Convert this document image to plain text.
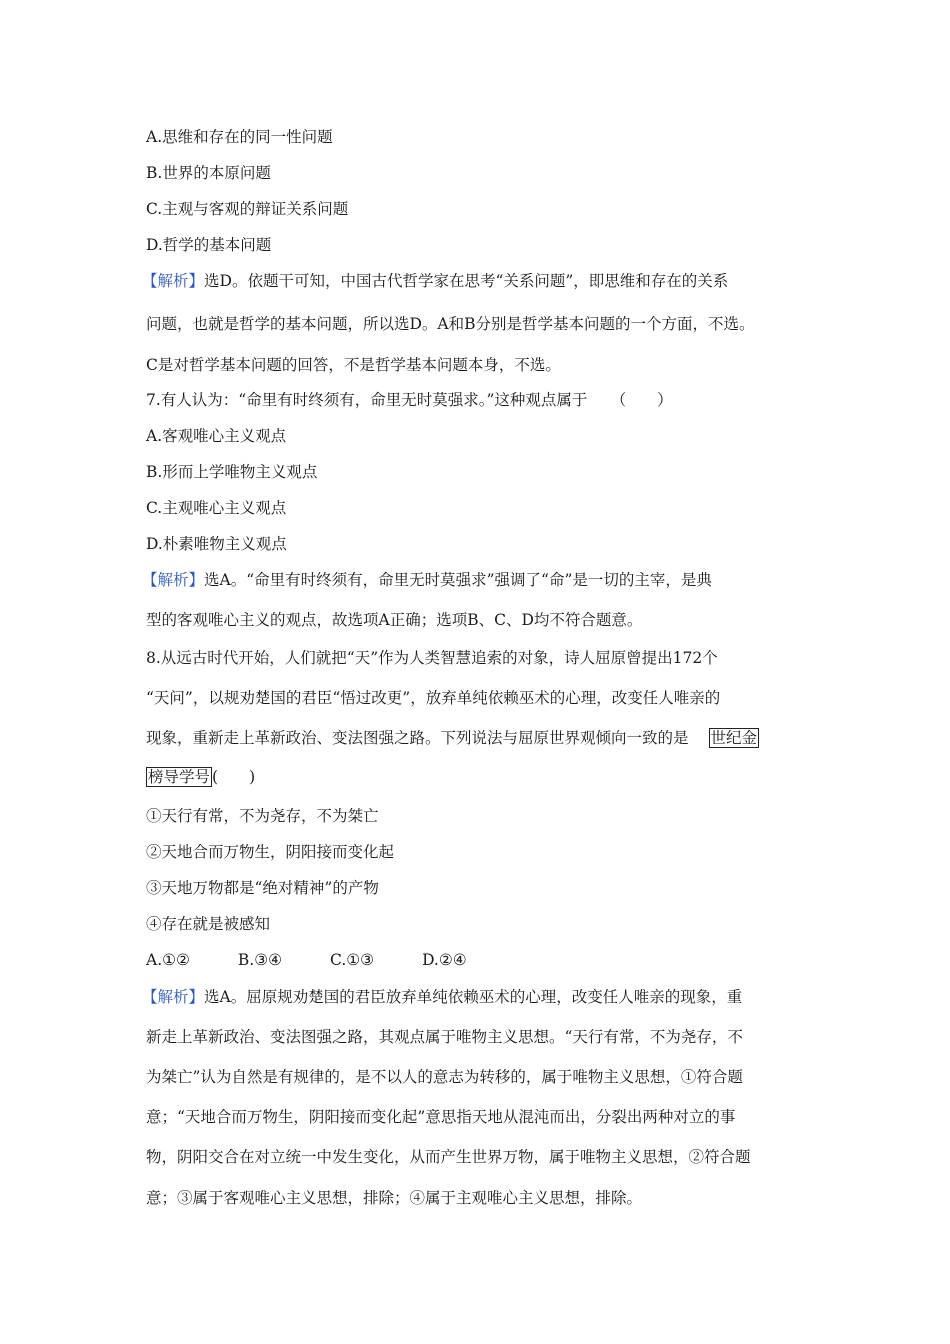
A.思维和存在的同一性问题
B.世界的本原问题
C.主观与客观的辩证关系问题
D.哲学的基本问题
【解析】选D。依题干可知，中国古代哲学家在思考“关系问题”，即思维和存在的关系
问题，也就是哲学的基本问题，所以选D。A和B分别是哲学基本问题的一个方面，不选。
C是对哲学基本问题的回答，不是哲学基本问题本身，不选。
7.有人认为：“命里有时终须有，命里无时莫强求。”这种观点属于　　（　　）
A.客观唯心主义观点
B.形而上学唯物主义观点
C.主观唯心主义观点
D.朴素唯物主义观点
【解析】选A。“命里有时终须有，命里无时莫强求”强调了“命”是一切的主宰，是典
型的客观唯心主义的观点，故选项A正确；选项B、C、D均不符合题意。
8.从远古时代开始，人们就把“天”作为人类智慧追索的对象，诗人屈原曾提出172个
“天问”，以规劝楚国的君臣“悟过改更”，放弃单纯依赖巫术的心理，改变任人唯亲的
现象，重新走上革新政治、变法图强之路。下列说法与屈原世界观倾向一致的是 世纪金
榜导学号 (　　)
①天行有常，不为尧存，不为桀亡
②天地合而万物生，阴阳接而变化起
③天地万物都是“绝对精神”的产物
④存在就是被感知
A.①②	B.③④	C.①③	D.②④
【解析】选A。屈原规劝楚国的君臣放弃单纯依赖巫术的心理，改变任人唯亲的现象，重
新走上革新政治、变法图强之路，其观点属于唯物主义思想。“天行有常，不为尧存，不
为桀亡”认为自然是有规律的，是不以人的意志为转移的，属于唯物主义思想，①符合题
意；“天地合而万物生，阴阳接而变化起”意思指天地从混沌而出，分裂出两种对立的事
物，阴阳交合在对立统一中发生变化，从而产生世界万物，属于唯物主义思想，②符合题
意；③属于客观唯心主义思想，排除；④属于主观唯心主义思想，排除。
